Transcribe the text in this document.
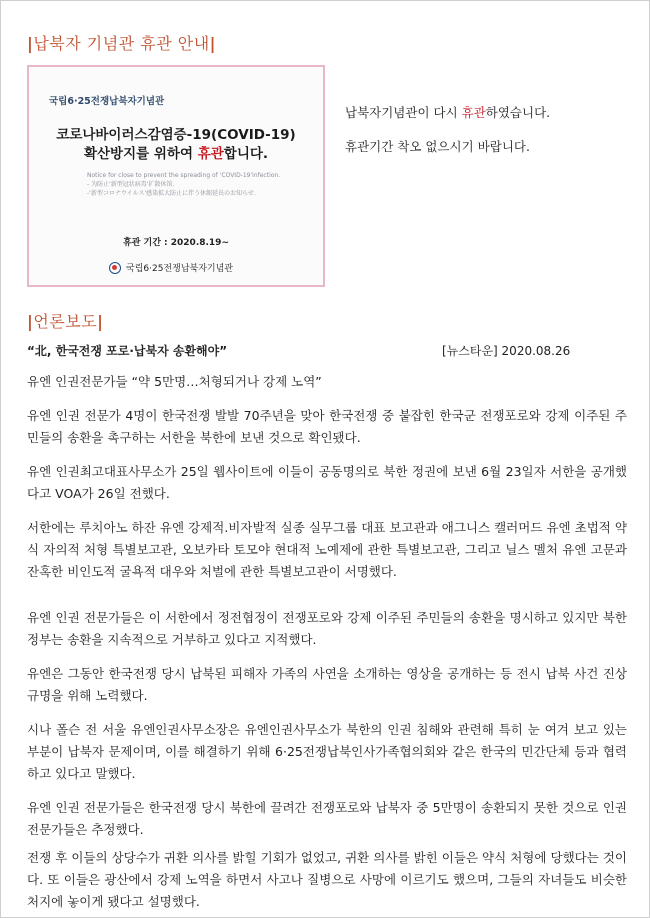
|납북자 기념관 휴관 안내|
국립6·25전쟁납북자기념관
코로나바이러스감염증-19(COVID-19)
확산방지를 위하여 휴관합니다.
Notice for close to prevent the spreading of 'COVID-19'infection.
- 为防止'新型冠状病毒'扩散休馆.
-'新型コロナウイルス'感染拡大防止に伴う休館延長のお知らせ.
휴관 기간 : 2020.8.19~
국립6·25전쟁납북자기념관
납북자기념관이 다시 휴관하였습니다.
휴관기간 착오 없으시기 바랍니다.
|언론보도|
“北, 한국전쟁 포로·납북자 송환해야”	[뉴스타운] 2020.08.26

유엔 인권전문가들 “약 5만명…처형되거나 강제 노역”

유엔 인권 전문가 4명이 한국전쟁 발발 70주년을 맞아 한국전쟁 중 붙잡힌 한국군 전쟁포로와 강제 이주된 주민들의 송환을 촉구하는 서한을 북한에 보낸 것으로 확인됐다.

유엔 인권최고대표사무소가 25일 웹사이트에 이들이 공동명의로 북한 정권에 보낸 6월 23일자 서한을 공개했다고 VOA가 26일 전했다.

서한에는 루치아노 하잔 유엔 강제적.비자발적 실종 실무그룹 대표 보고관과 애그니스 캘러머드 유엔 초법적 약식 자의적 처형 특별보고관, 오보카타 토모야 현대적 노예제에 관한 특별보고관, 그리고 닐스 멜처 유엔 고문과 잔혹한 비인도적 굴욕적 대우와 처벌에 관한 특별보고관이 서명했다.

유엔 인권 전문가들은 이 서한에서 정전협정이 전쟁포로와 강제 이주된 주민들의 송환을 명시하고 있지만 북한 정부는 송환을 지속적으로 거부하고 있다고 지적했다.

유엔은 그동안 한국전쟁 당시 납북된 피해자 가족의 사연을 소개하는 영상을 공개하는 등 전시 납북 사건 진상 규명을 위해 노력했다.

시나 폴슨 전 서울 유엔인권사무소장은 유엔인권사무소가 북한의 인권 침해와 관련해 특히 눈 여겨 보고 있는 부분이 납북자 문제이며, 이를 해결하기 위해 6·25전쟁납북인사가족협의회와 같은 한국의 민간단체 등과 협력하고 있다고 말했다.

유엔 인권 전문가들은 한국전쟁 당시 북한에 끌려간 전쟁포로와 납북자 중 5만명이 송환되지 못한 것으로 인권 전문가들은 추정했다.

전쟁 후 이들의 상당수가 귀환 의사를 밝힐 기회가 없었고, 귀환 의사를 밝힌 이들은 약식 처형에 당했다는 것이다. 또 이들은 광산에서 강제 노역을 하면서 사고나 질병으로 사망에 이르기도 했으며, 그들의 자녀들도 비슷한 처지에 놓이게 됐다고 설명했다.
